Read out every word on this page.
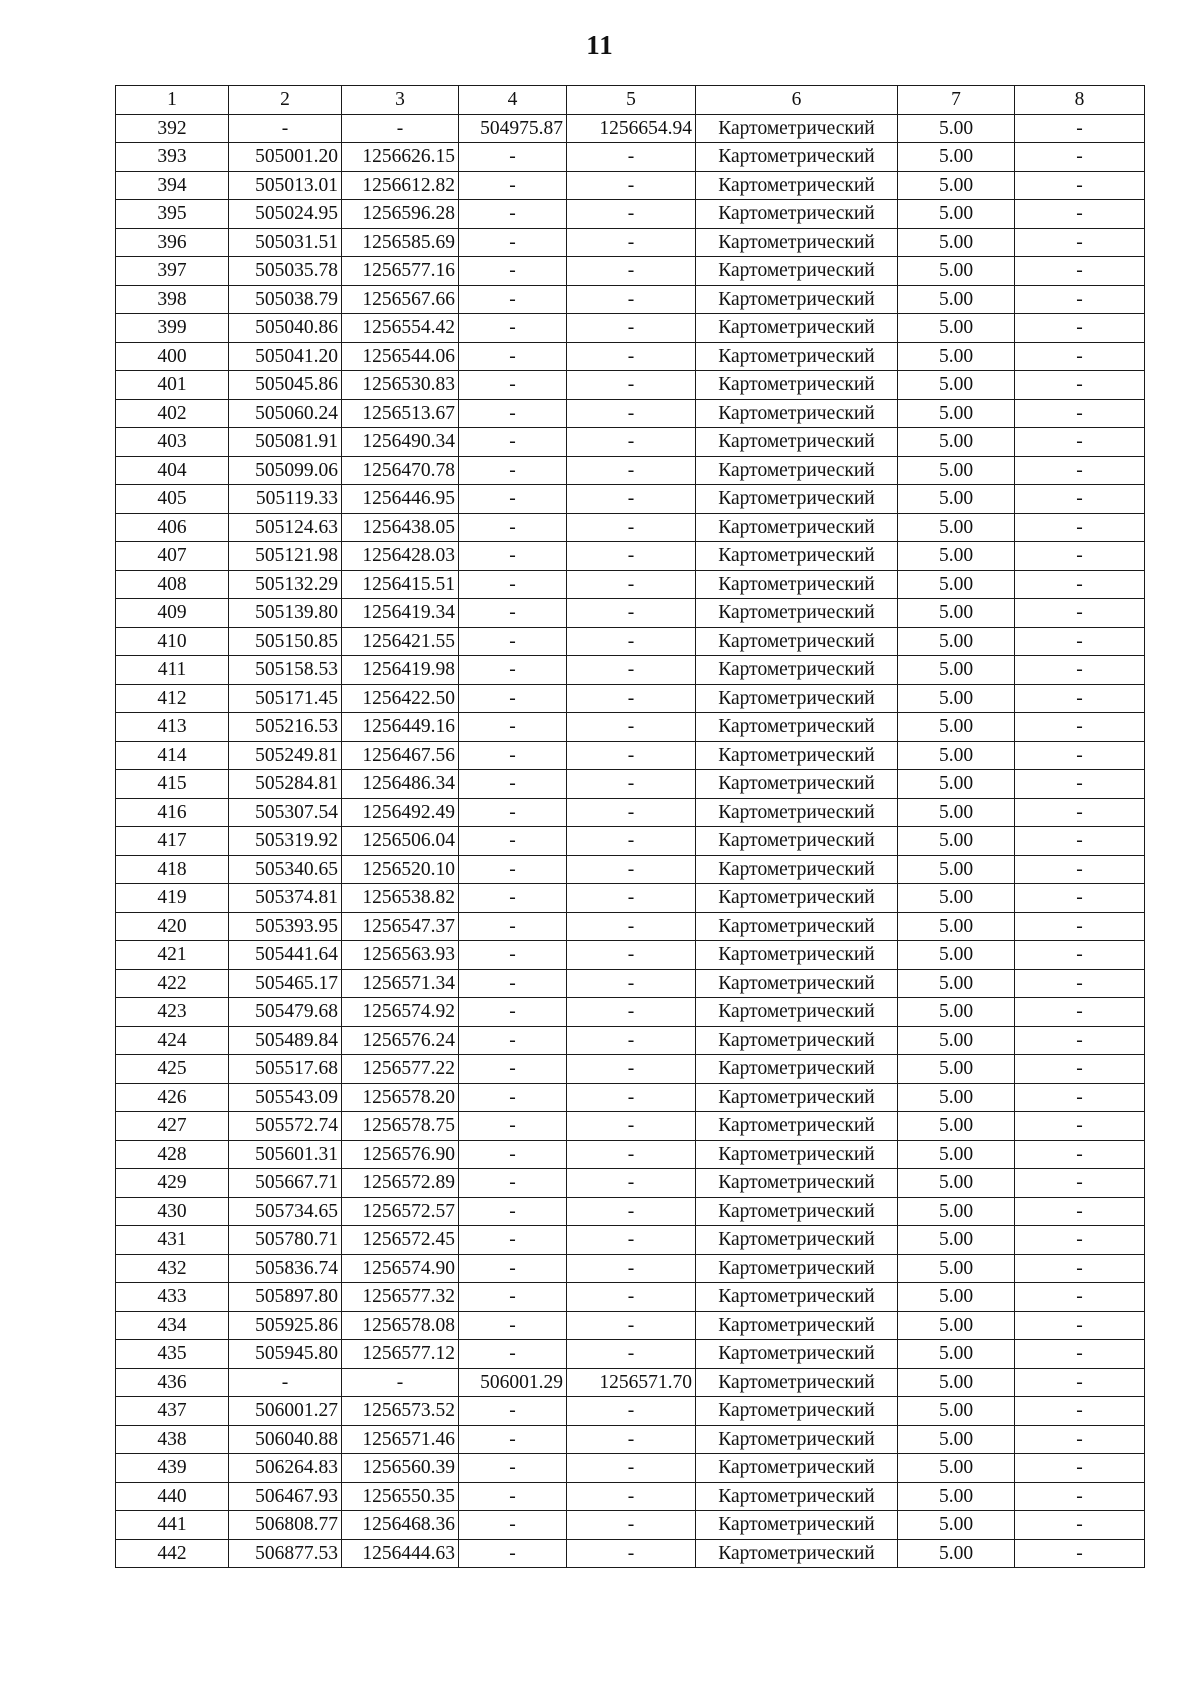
11
1	2	3	4	5	6	7	8
392	-	-	504975.87	1256654.94	Картометрический	5.00	-
393	505001.20	1256626.15	-	-	Картометрический	5.00	-
394	505013.01	1256612.82	-	-	Картометрический	5.00	-
395	505024.95	1256596.28	-	-	Картометрический	5.00	-
396	505031.51	1256585.69	-	-	Картометрический	5.00	-
397	505035.78	1256577.16	-	-	Картометрический	5.00	-
398	505038.79	1256567.66	-	-	Картометрический	5.00	-
399	505040.86	1256554.42	-	-	Картометрический	5.00	-
400	505041.20	1256544.06	-	-	Картометрический	5.00	-
401	505045.86	1256530.83	-	-	Картометрический	5.00	-
402	505060.24	1256513.67	-	-	Картометрический	5.00	-
403	505081.91	1256490.34	-	-	Картометрический	5.00	-
404	505099.06	1256470.78	-	-	Картометрический	5.00	-
405	505119.33	1256446.95	-	-	Картометрический	5.00	-
406	505124.63	1256438.05	-	-	Картометрический	5.00	-
407	505121.98	1256428.03	-	-	Картометрический	5.00	-
408	505132.29	1256415.51	-	-	Картометрический	5.00	-
409	505139.80	1256419.34	-	-	Картометрический	5.00	-
410	505150.85	1256421.55	-	-	Картометрический	5.00	-
411	505158.53	1256419.98	-	-	Картометрический	5.00	-
412	505171.45	1256422.50	-	-	Картометрический	5.00	-
413	505216.53	1256449.16	-	-	Картометрический	5.00	-
414	505249.81	1256467.56	-	-	Картометрический	5.00	-
415	505284.81	1256486.34	-	-	Картометрический	5.00	-
416	505307.54	1256492.49	-	-	Картометрический	5.00	-
417	505319.92	1256506.04	-	-	Картометрический	5.00	-
418	505340.65	1256520.10	-	-	Картометрический	5.00	-
419	505374.81	1256538.82	-	-	Картометрический	5.00	-
420	505393.95	1256547.37	-	-	Картометрический	5.00	-
421	505441.64	1256563.93	-	-	Картометрический	5.00	-
422	505465.17	1256571.34	-	-	Картометрический	5.00	-
423	505479.68	1256574.92	-	-	Картометрический	5.00	-
424	505489.84	1256576.24	-	-	Картометрический	5.00	-
425	505517.68	1256577.22	-	-	Картометрический	5.00	-
426	505543.09	1256578.20	-	-	Картометрический	5.00	-
427	505572.74	1256578.75	-	-	Картометрический	5.00	-
428	505601.31	1256576.90	-	-	Картометрический	5.00	-
429	505667.71	1256572.89	-	-	Картометрический	5.00	-
430	505734.65	1256572.57	-	-	Картометрический	5.00	-
431	505780.71	1256572.45	-	-	Картометрический	5.00	-
432	505836.74	1256574.90	-	-	Картометрический	5.00	-
433	505897.80	1256577.32	-	-	Картометрический	5.00	-
434	505925.86	1256578.08	-	-	Картометрический	5.00	-
435	505945.80	1256577.12	-	-	Картометрический	5.00	-
436	-	-	506001.29	1256571.70	Картометрический	5.00	-
437	506001.27	1256573.52	-	-	Картометрический	5.00	-
438	506040.88	1256571.46	-	-	Картометрический	5.00	-
439	506264.83	1256560.39	-	-	Картометрический	5.00	-
440	506467.93	1256550.35	-	-	Картометрический	5.00	-
441	506808.77	1256468.36	-	-	Картометрический	5.00	-
442	506877.53	1256444.63	-	-	Картометрический	5.00	-
